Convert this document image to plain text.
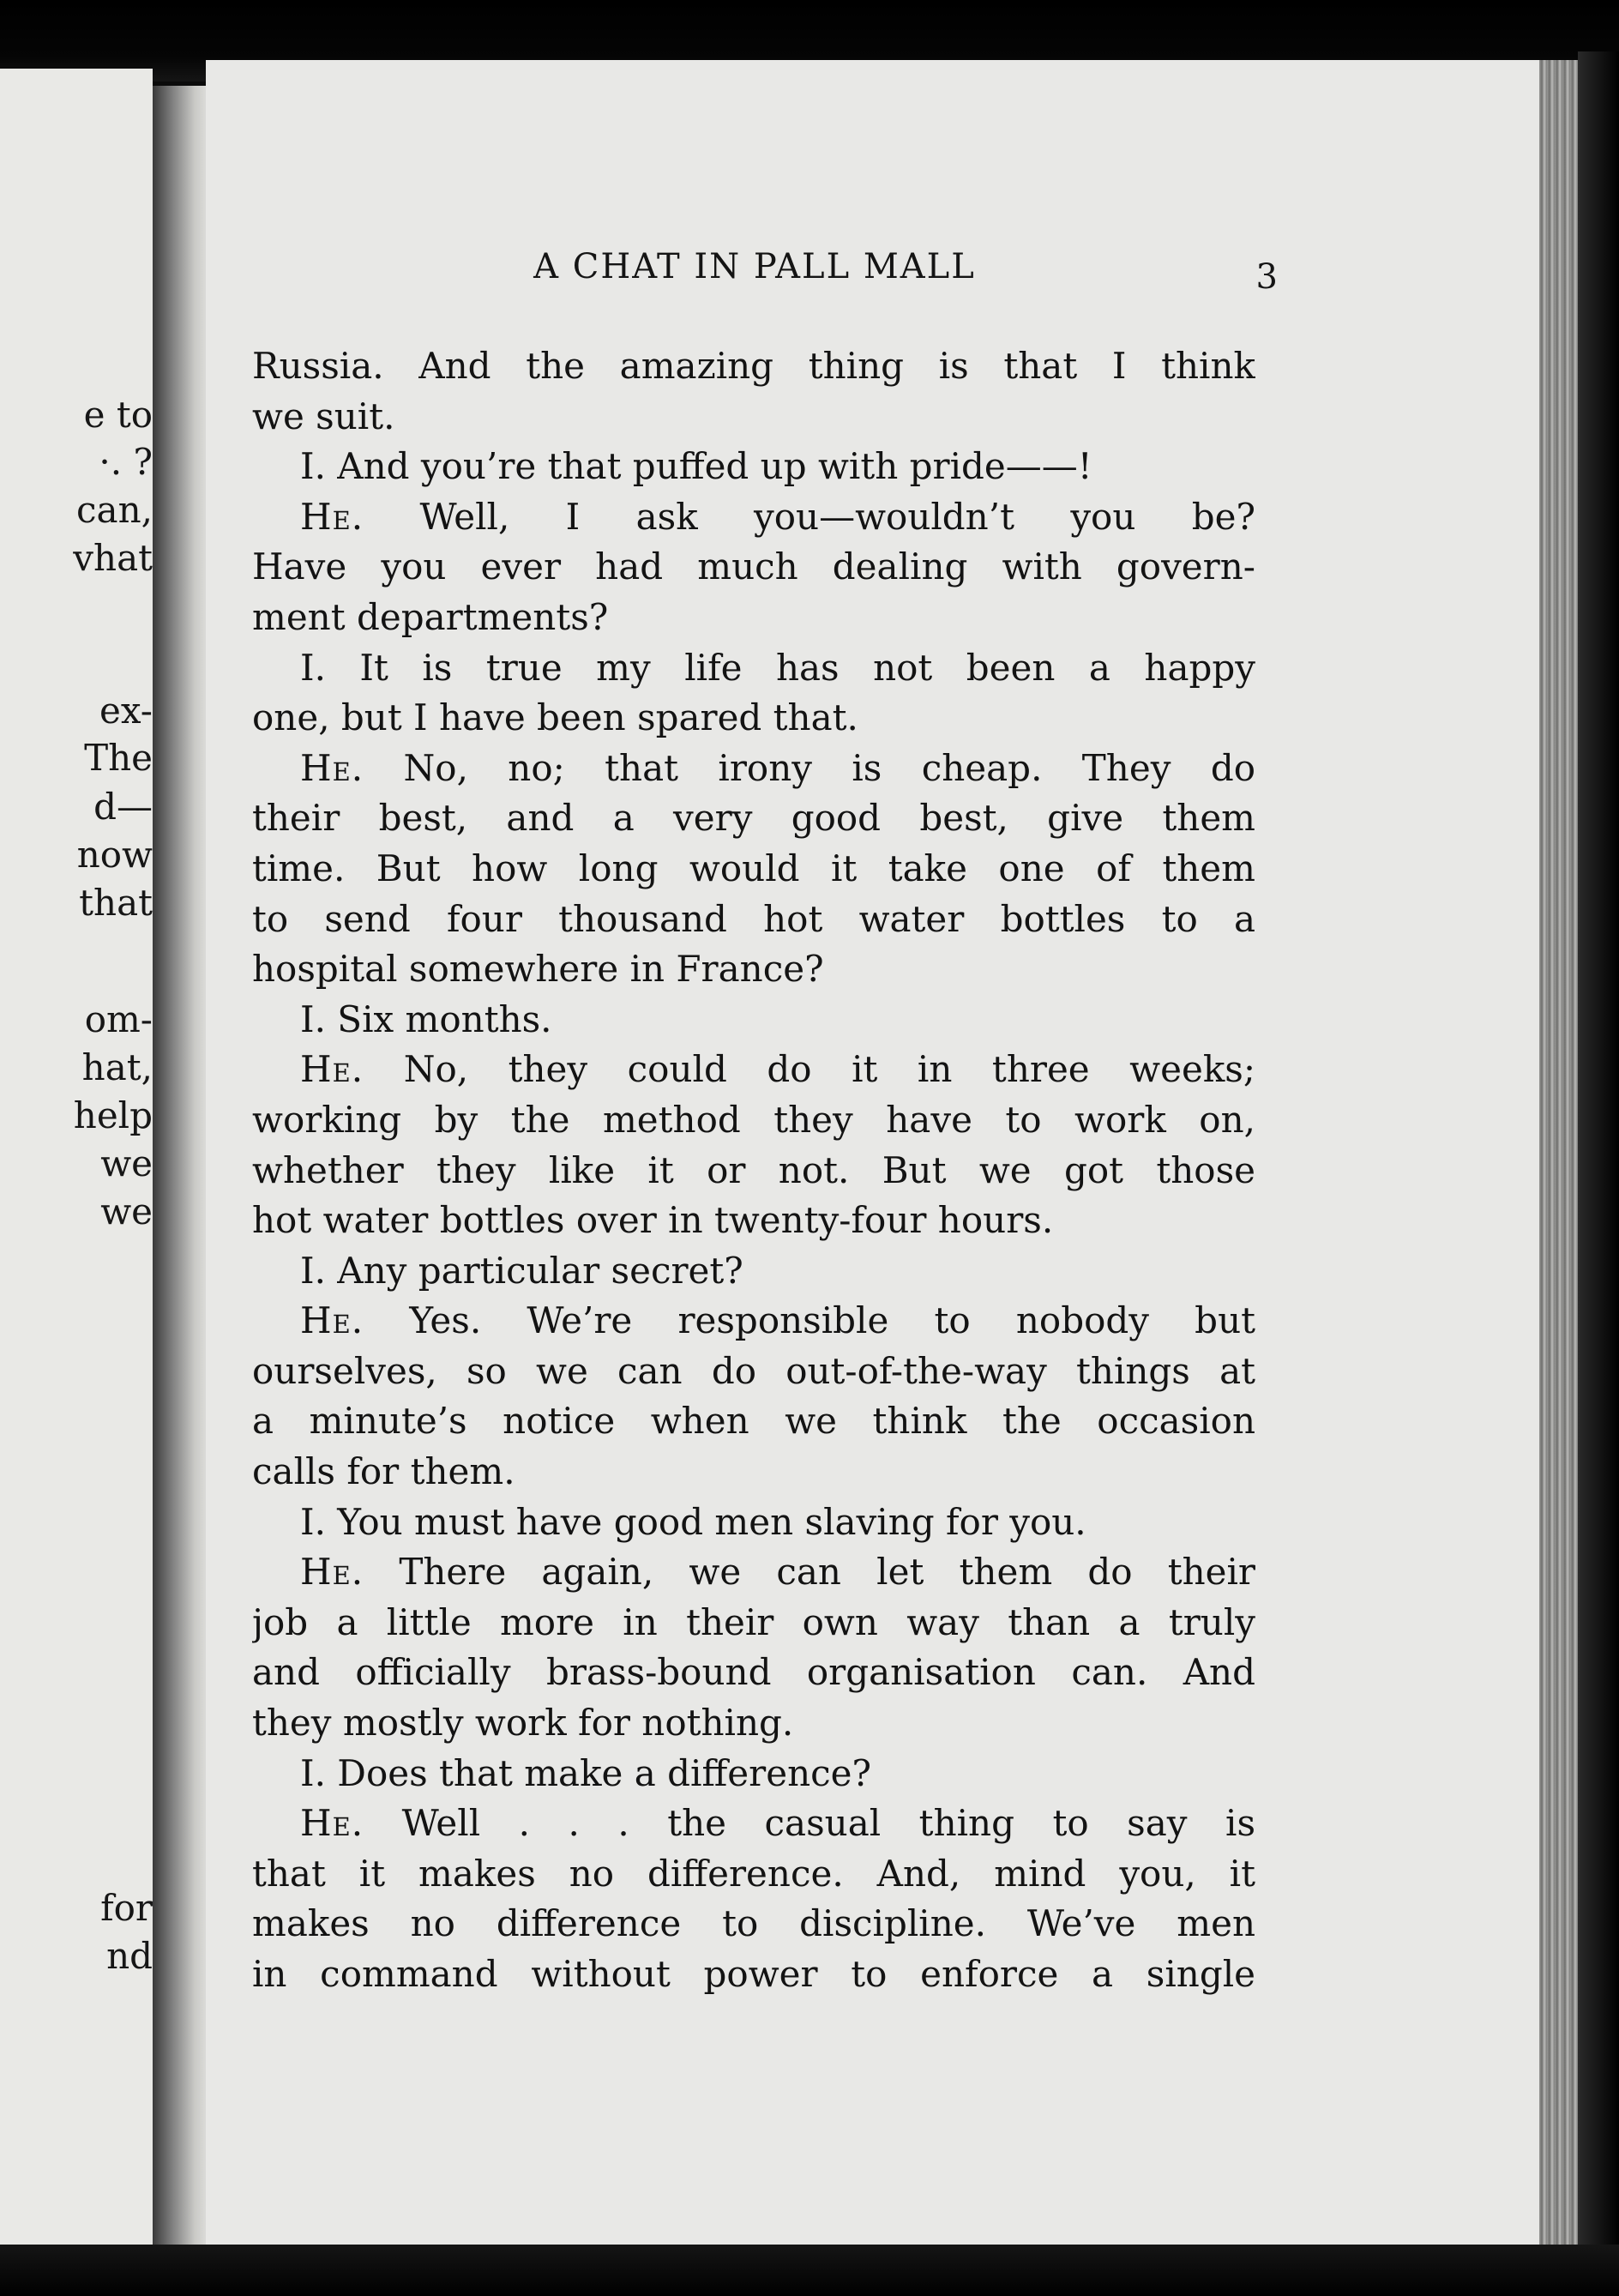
e to
·. ?
can,
vhat
ex-
The
d—
now
that
om-
hat,
help
we
we
for
nd
A CHAT IN PALL MALL	3
Russia. And the amazing thing is that I think
we suit.
I. And you’re that puffed up with pride——!
He. Well, I ask you—wouldn’t you be?
Have you ever had much dealing with govern-
ment departments?
I. It is true my life has not been a happy
one, but I have been spared that.
He. No, no; that irony is cheap. They do
their best, and a very good best, give them
time. But how long would it take one of them
to send four thousand hot water bottles to a
hospital somewhere in France?
I. Six months.
He. No, they could do it in three weeks;
working by the method they have to work on,
whether they like it or not. But we got those
hot water bottles over in twenty-four hours.
I. Any particular secret?
He. Yes. We’re responsible to nobody but
ourselves, so we can do out-of-the-way things at
a minute’s notice when we think the occasion
calls for them.
I. You must have good men slaving for you.
He. There again, we can let them do their
job a little more in their own way than a truly
and officially brass-bound organisation can. And
they mostly work for nothing.
I. Does that make a difference?
He. Well . . . the casual thing to say is
that it makes no difference. And, mind you, it
makes no difference to discipline. We’ve men
in command without power to enforce a single
